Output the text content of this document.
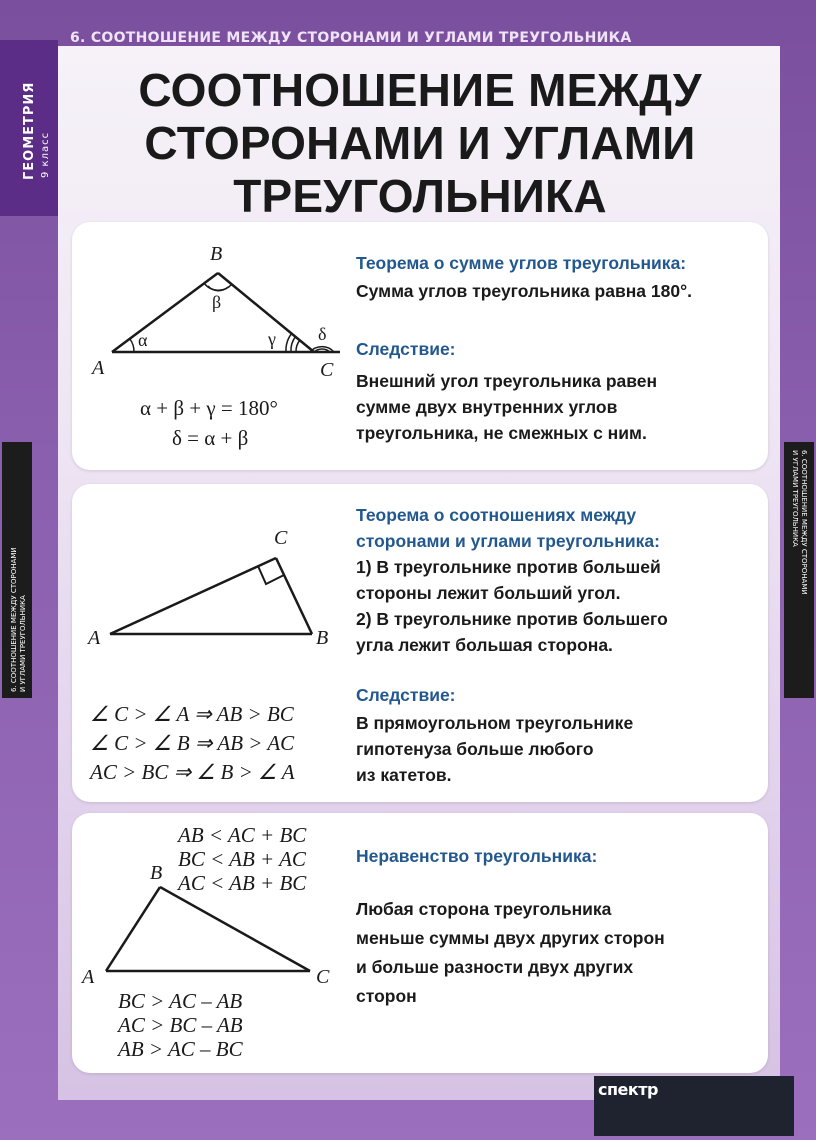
6. СООТНОШЕНИЕ МЕЖДУ СТОРОНАМИ И УГЛАМИ ТРЕУГОЛЬНИКА
ГЕОМЕТРИЯ 9 класс
6. СООТНОШЕНИЕ МЕЖДУ СТОРОНАМИ И УГЛАМИ ТРЕУГОЛЬНИКА
6. СООТНОШЕНИЕ МЕЖДУ СТОРОНАМИ
И УГЛАМИ ТРЕУГОЛЬНИКА
СООТНОШЕНИЕ МЕЖДУ
СТОРОНАМИ И УГЛАМИ
ТРЕУГОЛЬНИКА
A
B
C
α
β
γ δ
α + β + γ = 180°
δ = α + β
Теорема о сумме углов треугольника:
Сумма углов треугольника равна 180°.
Следствие:
Внешний угол треугольника равен
сумме двух внутренних углов
треугольника, не смежных с ним.
A	B
C
∠ C > ∠ A ⇒ AB > BC
∠ C > ∠ B ⇒ AB > AC
AC > BC ⇒ ∠ B > ∠ A
Теорема о соотношениях между
сторонами и углами треугольника:
1) В треугольнике против большей
стороны лежит больший угол.
2) В треугольнике против большего
угла лежит большая сторона.
Следствие:
В прямоугольном треугольнике
гипотенуза больше любого
из катетов.
AB < AC + BC
BC < AB + AC
AC < AB + BC
A
B
C
BC > AC – AB
AC > BC – AB
AB > AC – BC
Неравенство треугольника:
Любая сторона треугольника
меньше суммы двух других сторон
и больше разности двух других
сторон
спектр
